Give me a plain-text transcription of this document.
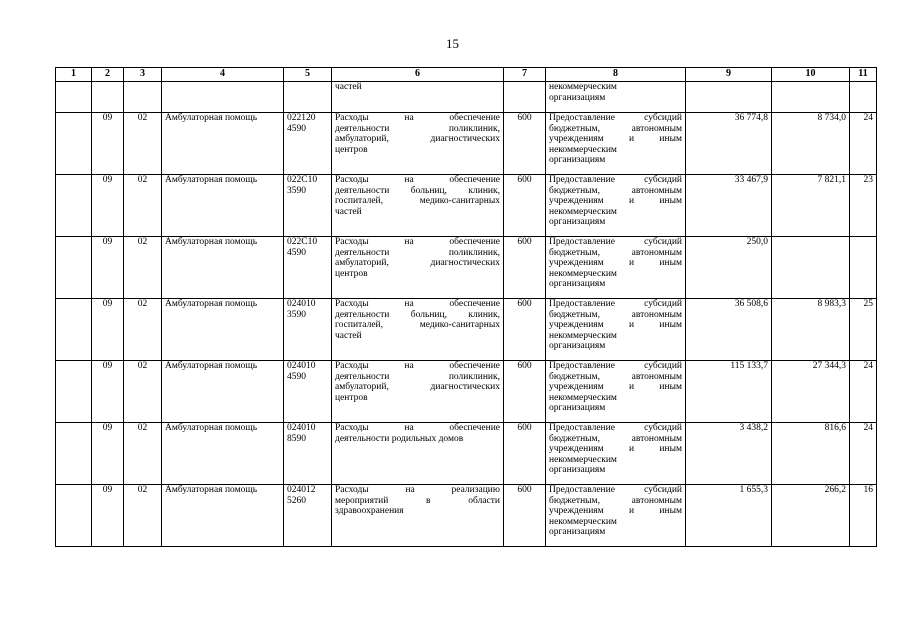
15
1	2	3	4	5	6	7	8	9	10	11

					частей		некоммерческим
организациям			

	09	02	Амбулаторная помощь	022120
4590	Расходы на обеспечение
деятельности поликлиник,
амбулаторий, диагностических
центров	600	Предоставление субсидий
бюджетным, автономным
учреждениям и иным
некоммерческим
организациям	36 774,8	8 734,0	24
	09	02	Амбулаторная помощь	022С10
3590	Расходы на обеспечение
деятельности больниц, клиник,
госпиталей, медико-санитарных
частей	600	Предоставление субсидий
бюджетным, автономным
учреждениям и иным
некоммерческим
организациям	33 467,9	7 821,1	23
	09	02	Амбулаторная помощь	022С10
4590	Расходы на обеспечение
деятельности поликлиник,
амбулаторий, диагностических
центров	600	Предоставление субсидий
бюджетным, автономным
учреждениям и иным
некоммерческим
организациям	250,0		
	09	02	Амбулаторная помощь	024010
3590	Расходы на обеспечение
деятельности больниц, клиник,
госпиталей, медико-санитарных
частей	600	Предоставление субсидий
бюджетным, автономным
учреждениям и иным
некоммерческим
организациям	36 508,6	8 983,3	25
	09	02	Амбулаторная помощь	024010
4590	Расходы на обеспечение
деятельности поликлиник,
амбулаторий, диагностических
центров	600	Предоставление субсидий
бюджетным, автономным
учреждениям и иным
некоммерческим
организациям	115 133,7	27 344,3	24
	09	02	Амбулаторная помощь	024010
8590	Расходы на обеспечение
деятельности родильных домов	600	Предоставление субсидий
бюджетным, автономным
учреждениям и иным
некоммерческим
организациям	3 438,2	816,6	24
	09	02	Амбулаторная помощь	024012
5260	Расходы на реализацию
мероприятий в области
здравоохранения	600	Предоставление субсидий
бюджетным, автономным
учреждениям и иным
некоммерческим
организациям	1 655,3	266,2	16
